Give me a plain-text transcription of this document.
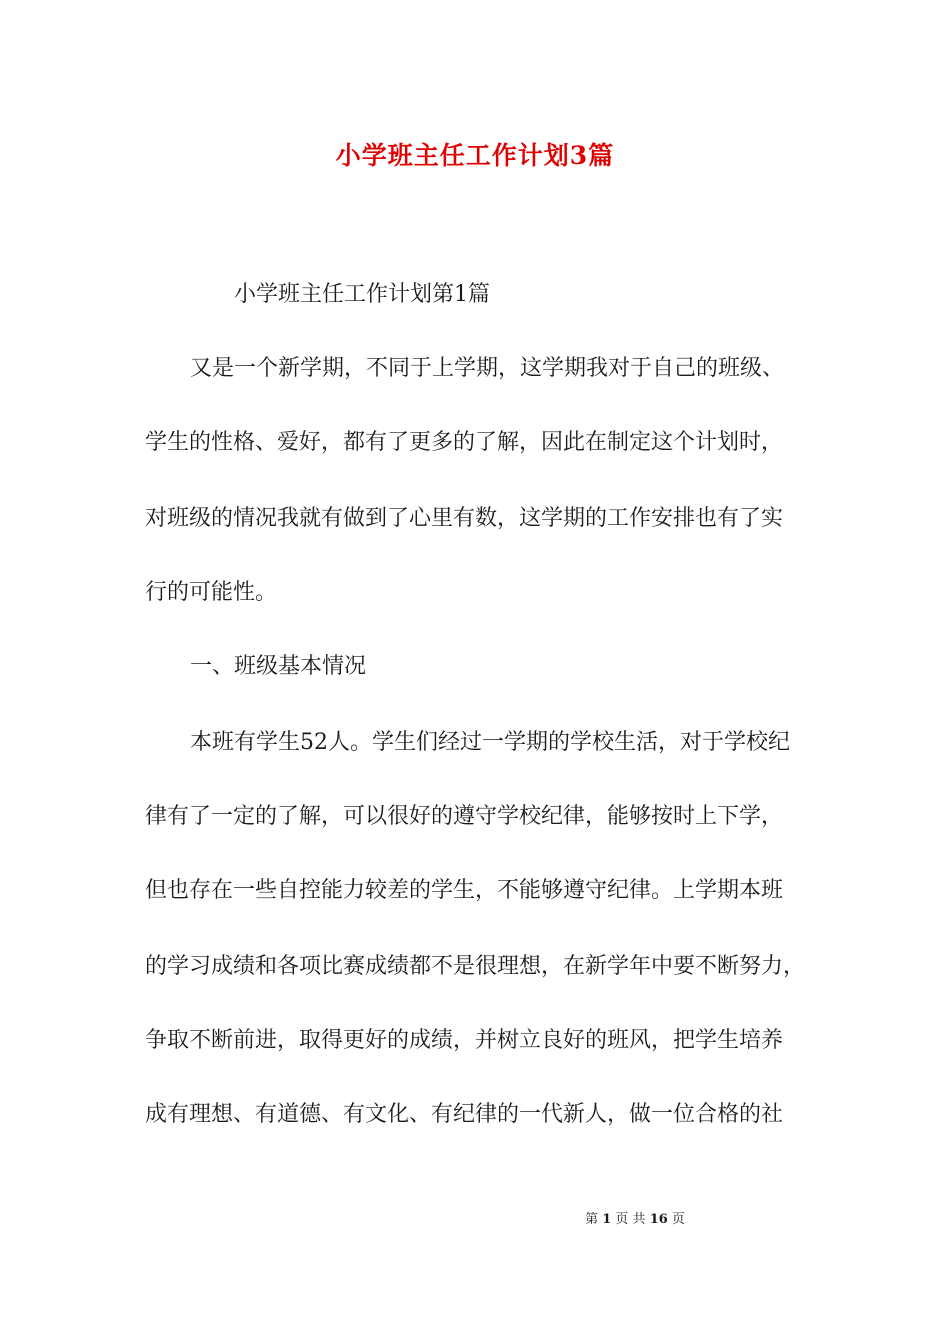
小学班主任工作计划3篇
小学班主任工作计划第1篇
又是一个新学期，不同于上学期，这学期我对于自己的班级、
学生的性格、爱好，都有了更多的了解，因此在制定这个计划时，
对班级的情况我就有做到了心里有数，这学期的工作安排也有了实
行的可能性。
一、班级基本情况
本班有学生52人。学生们经过一学期的学校生活，对于学校纪
律有了一定的了解，可以很好的遵守学校纪律，能够按时上下学，
但也存在一些自控能力较差的学生，不能够遵守纪律。上学期本班
的学习成绩和各项比赛成绩都不是很理想，在新学年中要不断努力，
争取不断前进，取得更好的成绩，并树立良好的班风，把学生培养
成有理想、有道德、有文化、有纪律的一代新人，做一位合格的社
第 1 页 共 16 页
